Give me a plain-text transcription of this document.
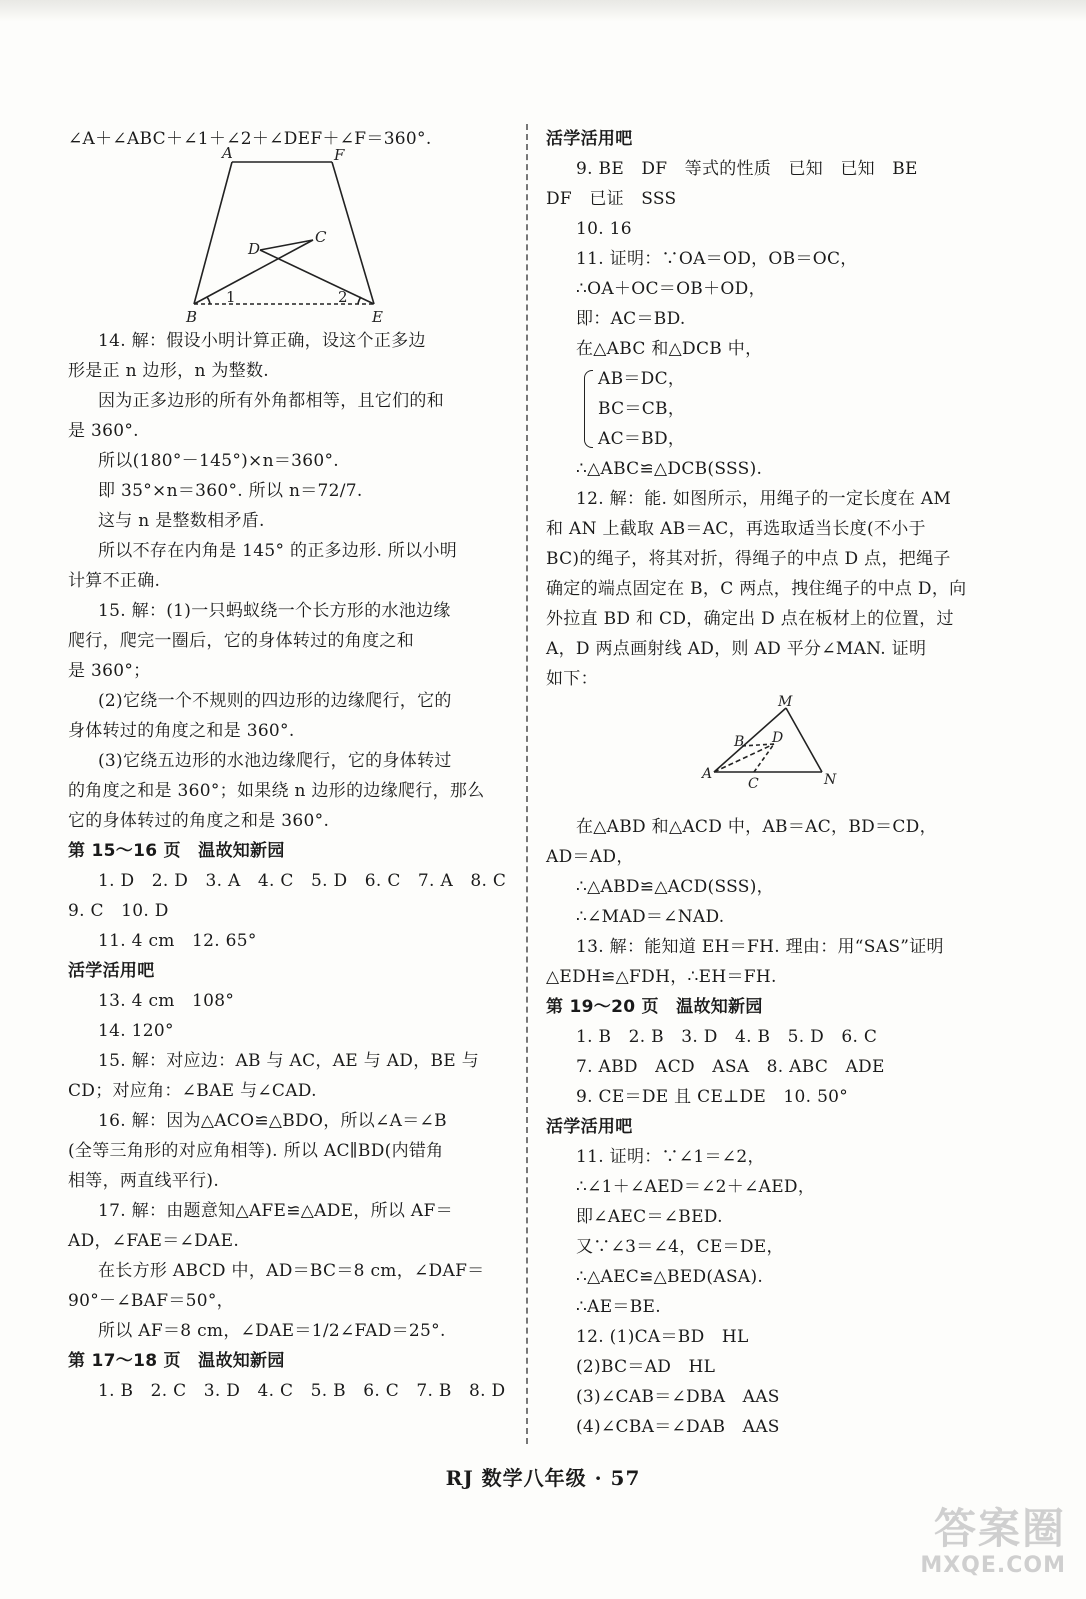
∠A＋∠ABC＋∠1＋∠2＋∠DEF＋∠F＝360°.
A	F
C
D
1	2
B	E
14. 解：假设小明计算正确，设这个正多边
形是正 n 边形，n 为整数.
因为正多边形的所有外角都相等，且它们的和
是 360°.
所以(180°－145°)×n＝360°.
即 35°×n＝360°. 所以 n＝72/7.
这与 n 是整数相矛盾.
所以不存在内角是 145° 的正多边形. 所以小明
计算不正确.
15. 解：(1)一只蚂蚁绕一个长方形的水池边缘
爬行，爬完一圈后，它的身体转过的角度之和
是 360°；
(2)它绕一个不规则的四边形的边缘爬行，它的
身体转过的角度之和是 360°.
(3)它绕五边形的水池边缘爬行，它的身体转过
的角度之和是 360°；如果绕 n 边形的边缘爬行，那么
它的身体转过的角度之和是 360°.
第 15～16 页　温故知新园
1. D　2. D　3. A　4. C　5. D　6. C　7. A　8. C
9. C　10. D
11. 4 cm　12. 65°
活学活用吧
13. 4 cm　108°
14. 120°
15. 解：对应边：AB 与 AC，AE 与 AD，BE 与
CD；对应角：∠BAE 与∠CAD.
16. 解：因为△ACO≌△BDO，所以∠A＝∠B
(全等三角形的对应角相等). 所以 AC∥BD(内错角
相等，两直线平行).
17. 解：由题意知△AFE≌△ADE，所以 AF＝
AD，∠FAE＝∠DAE.
在长方形 ABCD 中，AD＝BC＝8 cm，∠DAF＝
90°－∠BAF＝50°，
所以 AF＝8 cm，∠DAE＝1/2∠FAD＝25°.
第 17～18 页　温故知新园
1. B　2. C　3. D　4. C　5. B　6. C　7. B　8. D
活学活用吧
9. BE　DF　等式的性质　已知　已知　BE
DF　已证　SSS
10. 16
11. 证明：∵OA＝OD，OB＝OC，
∴OA＋OC＝OB＋OD，
即：AC＝BD.
在△ABC 和△DCB 中，
AB＝DC，
BC＝CB，
AC＝BD，
∴△ABC≌△DCB(SSS).
12. 解：能. 如图所示，用绳子的一定长度在 AM
和 AN 上截取 AB＝AC，再选取适当长度(不小于
BC)的绳子，将其对折，得绳子的中点 D 点，把绳子
确定的端点固定在 B，C 两点，拽住绳子的中点 D，向
外拉直 BD 和 CD，确定出 D 点在板材上的位置，过
A，D 两点画射线 AD，则 AD 平分∠MAN. 证明
如下：
M
B D
A
C	N
在△ABD 和△ACD 中，AB＝AC，BD＝CD，
AD＝AD，
∴△ABD≌△ACD(SSS)，
∴∠MAD＝∠NAD.
13. 解：能知道 EH＝FH. 理由：用“SAS”证明
△EDH≌△FDH，∴EH＝FH.
第 19～20 页　温故知新园
1. B　2. B　3. D　4. B　5. D　6. C
7. ABD　ACD　ASA　8. ABC　ADE
9. CE＝DE 且 CE⊥DE　10. 50°
活学活用吧
11. 证明：∵∠1＝∠2，
∴∠1＋∠AED＝∠2＋∠AED，
即∠AEC＝∠BED.
又∵∠3＝∠4，CE＝DE，
∴△AEC≌△BED(ASA).
∴AE＝BE.
12. (1)CA＝BD　HL
(2)BC＝AD　HL
(3)∠CAB＝∠DBA　AAS
(4)∠CBA＝∠DAB　AAS
RJ 数学八年级 · 57
答案圈
MXQE.COM
